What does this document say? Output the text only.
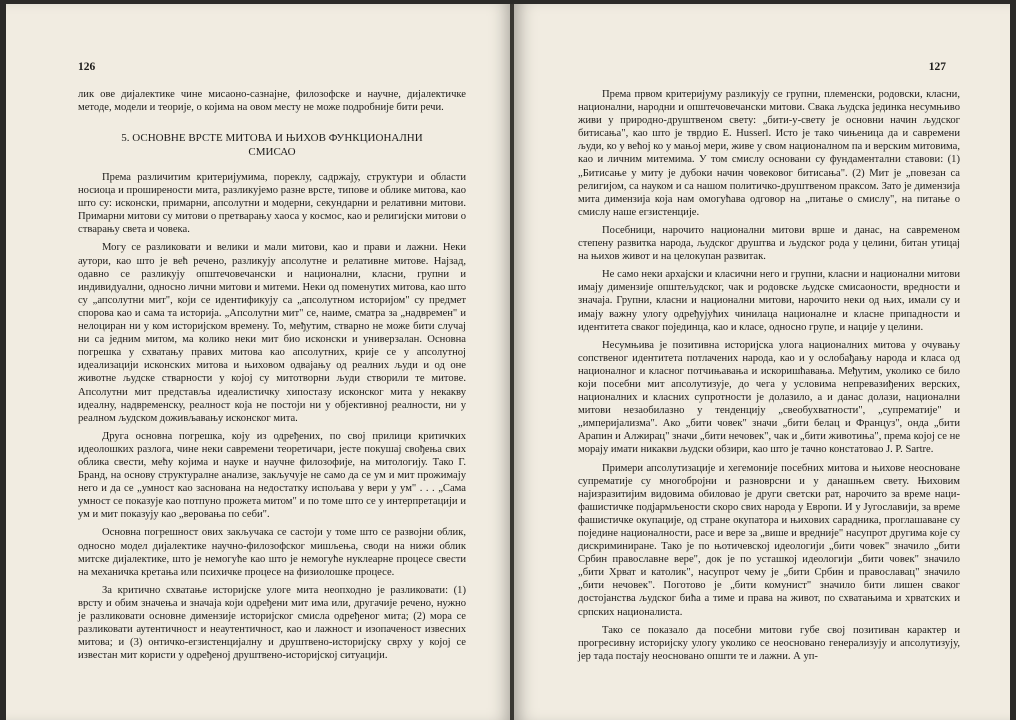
126

лик ове дијалектике чине мисаоно-сазнајне, филозофске и научне, дијалектичке методе, модели и теорије, о којима на овом месту не може подробније бити речи.

5. ОСНОВНЕ ВРСТЕ МИТОВА И ЊИХОВ ФУНКЦИОНАЛНИ СМИСАО

Према различитим критеријумима, пореклу, садржају, структури и области носиоца и проширености мита, разликујемо разне врсте, типове и облике митова, као што су: исконски, примарни, апсолутни и модерни, секундарни и релативни митови. Примарни митови су митови о претварању хаоса у космос, као и религијски митови о стварању света и човека.

Могу се разликовати и велики и мали митови, као и прави и лажни. Неки аутори, као што је већ речено, разликују апсолутне и релативне митове. Најзад, одавно се разликују општечовечански и национални, класни, групни и индивидуални, односно лични митови и митеми. Неки од поменутих митова, као што су „апсолутни мит", који се идентификују са „апсолутном историјом" су предмет спорова као и сама та историја. „Апсолутни мит" се, наиме, сматра за „надвремен" и нелоциран ни у ком историјском времену. То, међутим, стварно не може бити случај ни са једним митом, ма колико неки мит био исконски и универзалан. Основна погрешка у схватању правих митова као апсолутних, крије се у апсолутној идеализацији исконских митова и њиховом одвајању од реалних људи и од оне животне људске стварности у којој су митотворни људи створили те митове. Апсолутни мит представља идеалистичку хипостазу исконског мита у некакву идеалну, надвременску, реалност која не постоји ни у објективној реалности, ни у реалном људском доживљавању исконског мита.

Друга основна погрешка, коју из одређених, по свој прилици критичких идеолошких разлога, чине неки савремени теоретичари, јесте покушај свођења свих облика свести, мећу којима и науке и научне филозофије, на митологију. Тако Г. Бранд, на основу структуралне анализе, закључује не само да се ум и мит прожимају него и да се „умност као заснована на недостатку испољава у вери у ум" . . . „Сама умност се показује као потпуно прожета митом" и по томе што се у интерпретацији и ум и мит показују као „веровања по себи".

Основна погрешност ових закључака се састоји у томе што се развојни облик, односно модел дијалектике научно-филозофског мишљења, своди на нижи облик митске дијалектике, што је немогуће као што је немогуће нуклеарне процесе свести на механичка кретања или психичке процесе на физиолошке процесе.

За критично схватање историјске улоге мита неопходно је разликовати: (1) врсту и обим значења и значаја који одређени мит има или, другачије речено, нужно је разликовати основне димензије историјског смисла одређеног мита; (2) мора се разликовати аутентичност и неаутентичност, као и лажност и изопаченост извесних митова; и (3) онтичко-егзистенцијалну и друштвено-историјску сврху у којој се известан мит користи у одређеној друштвено-историјској ситуацији.

127

Према првом критеријуму разликују се групни, племенски, родовски, класни, национални, народни и општечовечански митови. Свака људска јединка несумњиво живи у природно-друштвеном свету: „бити-у-свету је основни начин људског битисања", као што је тврдио E. Husserl. Исто је тако чињеница да и савремени људи, ко у већој ко у мањој мери, живе у свом националном па и верским митовима, као и личним митемима. У том смислу основани су фундаментални ставови: (1) „Битисање у миту је дубоки начин човековог битисања". (2) Мит је „повезан са религијом, са науком и са нашом политичко-друштвеном праксом. Зато је димензија мита димензија која нам омогућава одговор на „питање о смислу", на питање о смислу наше егзистенције.

Посебници, нарочито национални митови врше и данас, на савременом степену развитка народа, људског друштва и људског рода у целини, битан утицај на њихов живот и на целокупан развитак.

Не само неки архајски и класични него и групни, класни и национални митови имају димензије општељудског, чак и родовске људске смисаоности, вредности и значаја. Групни, класни и национални митови, нарочито неки од њих, имали су и имају важну улогу одређујућих чинилаца националне и класне припадности и идентитета сваког појединца, као и класе, односно групе, и нације у целини.

Несумњива је позитивна историјска улога националних митова у очувању сопственог идентитета потлачених народа, као и у ослобађању народа и класа од националног и класног потчињавања и искоришћавања. Међутим, уколико се било који посебни мит апсолутизује, до чега у условима непревазиђених верских, националних и класних супротности је долазило, а и данас долази, национални митови незаобилазно у тенденцију „свеобухватности", „супрематије" и „империјализма". Ако „бити човек" значи „бити белац и Француз", онда „бити Арапин и Алжирац" значи „бити нечовек", чак и „бити животиња", према којој се не морају имати никакви људски обзири, као што је тачно констатовао J. P. Sartre.

Примери апсолутизације и хегемоније посебних митова и њихове неосноване супрематије су многобројни и разноврсни и у данашњем свету. Њиховим најизразитијим видовима обиловао је други светски рат, нарочито за време нaци-фашистичке подјармљености скоро свих народа у Европи. И у Југославији, за време фашистичке окупације, од стране окупатора и њихових сарадника, проглашаване су поједине националности, расе и вере за „више и вредније" насупрот другима које су дискриминиране. Тако је по њотичевској идеологији „бити човек" значило „бити Србин православне вере", док је по усташкој идеологији „бити човек" значило „бити Хрват и католик", насупрот чему је „бити Србин и православац" значило „бити нечовек". Поготово је „бити комунист" значило бити лишен сваког достојанства људског бића а тиме и права на живот, по схватањима и хрватских и српских националиста.

Тако се показало да посебни митови губе свој позитиван карактер и прогресивну историјску улогу уколико се неосновано генерализују и апсолутизују, јер тада постају неосновано општи те и лажни. А уп-
